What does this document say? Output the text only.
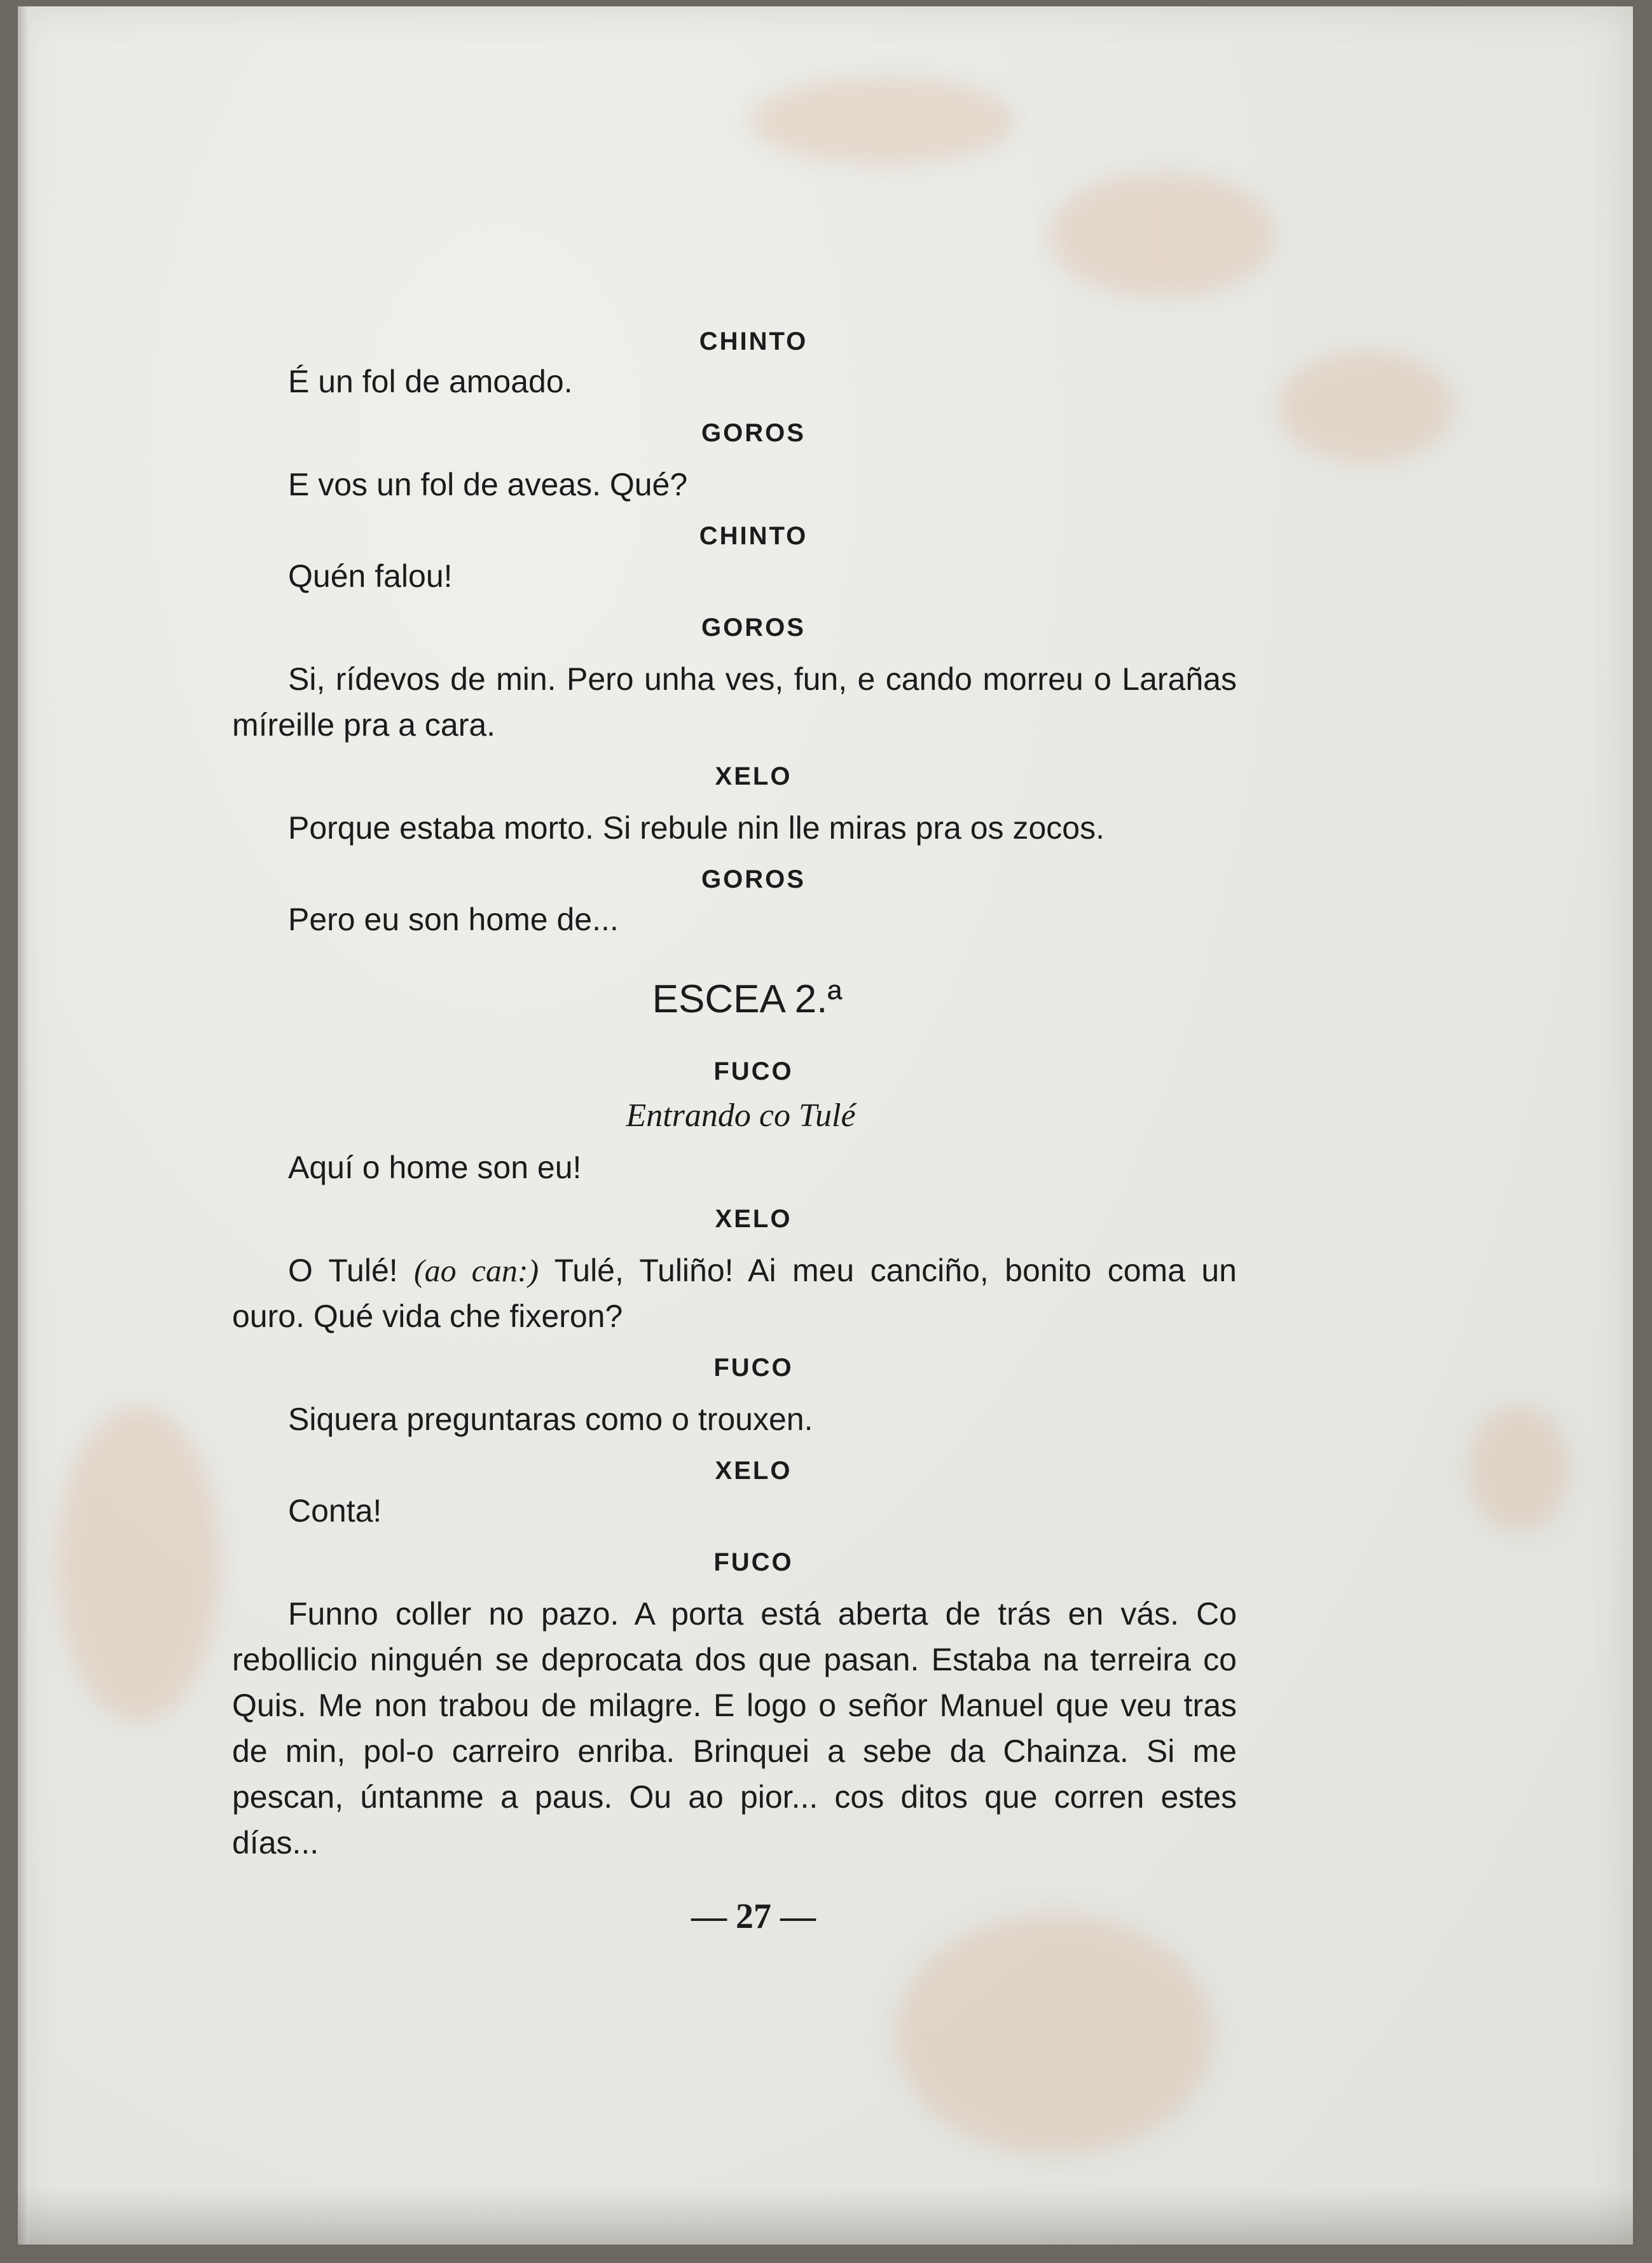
CHINTO

É un fol de amoado.

GOROS

E vos un fol de aveas. Qué?

CHINTO

Quén falou!

GOROS

Si, rídevos de min. Pero unha ves, fun, e cando morreu o Larañas míreille pra a cara.

XELO

Porque estaba morto. Si rebule nin lle miras pra os zocos.

GOROS

Pero eu son home de...

ESCEA 2.ª

FUCO

Entrando co Tulé

Aquí o home son eu!

XELO

O Tulé! (ao can:) Tulé, Tuliño! Ai meu canciño, bonito coma un ouro. Qué vida che fixeron?

FUCO

Siquera preguntaras como o trouxen.

XELO

Conta!

FUCO

Funno coller no pazo. A porta está aberta de trás en vás. Co rebollicio ninguén se deprocata dos que pasan. Estaba na terreira co Quis. Me non trabou de milagre. E logo o señor Manuel que veu tras de min, pol-o carreiro enriba. Brinquei a sebe da Chainza. Si me pescan, úntanme a paus. Ou ao pior... cos ditos que corren estes días...

— 27 —
